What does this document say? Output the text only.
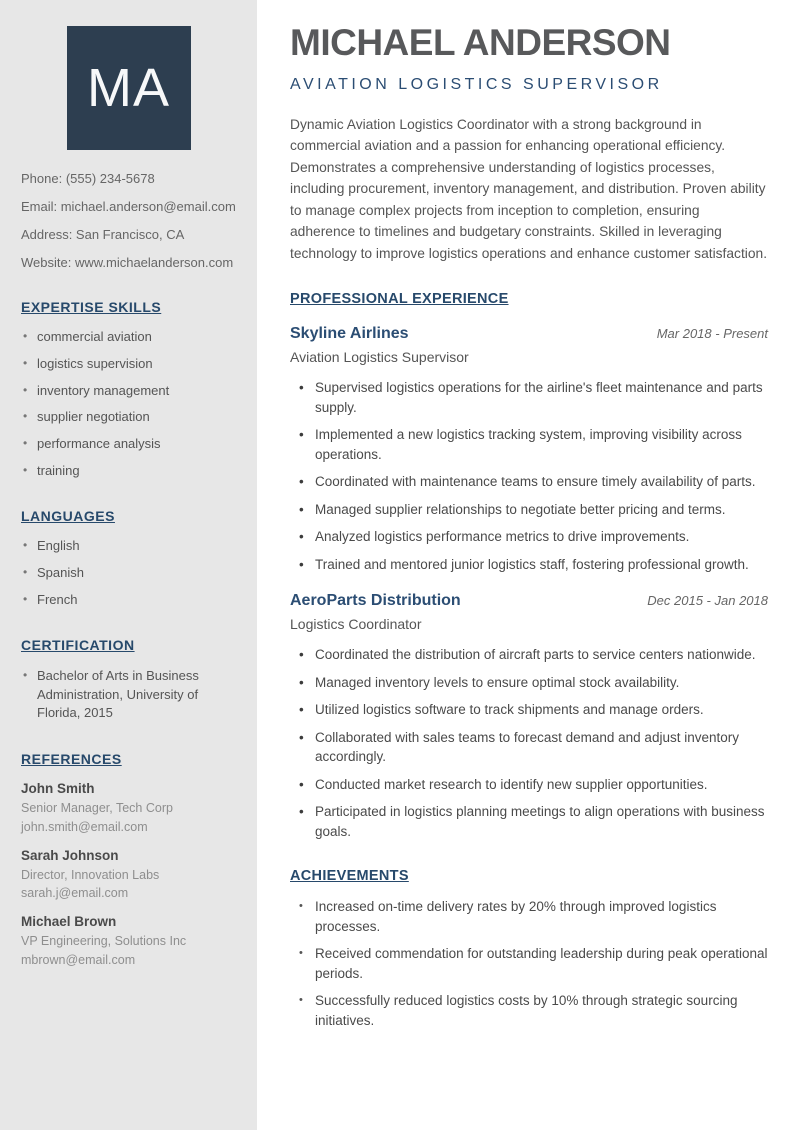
MA

Phone: (555) 234-5678

Email: michael.anderson@email.com

Address: San Francisco, CA

Website: www.michaelanderson.com

EXPERTISE SKILLS
• commercial aviation
• logistics supervision
• inventory management
• supplier negotiation
• performance analysis
• training
LANGUAGES
• English
• Spanish
• French
CERTIFICATION
• Bachelor of Arts in Business Administration, University of Florida, 2015
REFERENCES

John Smith

Senior Manager, Tech Corp

john.smith@email.com

Sarah Johnson

Director, Innovation Labs

sarah.j@email.com

Michael Brown

VP Engineering, Solutions Inc

mbrown@email.com

MICHAEL ANDERSON

AVIATION LOGISTICS SUPERVISOR

Dynamic Aviation Logistics Coordinator with a strong background in commercial aviation and a passion for enhancing operational efficiency. Demonstrates a comprehensive understanding of logistics processes, including procurement, inventory management, and distribution. Proven ability to manage complex projects from inception to completion, ensuring adherence to timelines and budgetary constraints. Skilled in leveraging technology to improve logistics operations and enhance customer satisfaction.

PROFESSIONAL EXPERIENCE
Skyline Airlines	Mar 2018 - Present

Aviation Logistics Supervisor

• Supervised logistics operations for the airline's fleet maintenance and parts supply.
• Implemented a new logistics tracking system, improving visibility across operations.
• Coordinated with maintenance teams to ensure timely availability of parts.
• Managed supplier relationships to negotiate better pricing and terms.
• Analyzed logistics performance metrics to drive improvements.
• Trained and mentored junior logistics staff, fostering professional growth.
AeroParts Distribution	Dec 2015 - Jan 2018

Logistics Coordinator

• Coordinated the distribution of aircraft parts to service centers nationwide.
• Managed inventory levels to ensure optimal stock availability.
• Utilized logistics software to track shipments and manage orders.
• Collaborated with sales teams to forecast demand and adjust inventory accordingly.
• Conducted market research to identify new supplier opportunities.
• Participated in logistics planning meetings to align operations with business goals.
ACHIEVEMENTS
• Increased on-time delivery rates by 20% through improved logistics processes.
• Received commendation for outstanding leadership during peak operational periods.
• Successfully reduced logistics costs by 10% through strategic sourcing initiatives.
